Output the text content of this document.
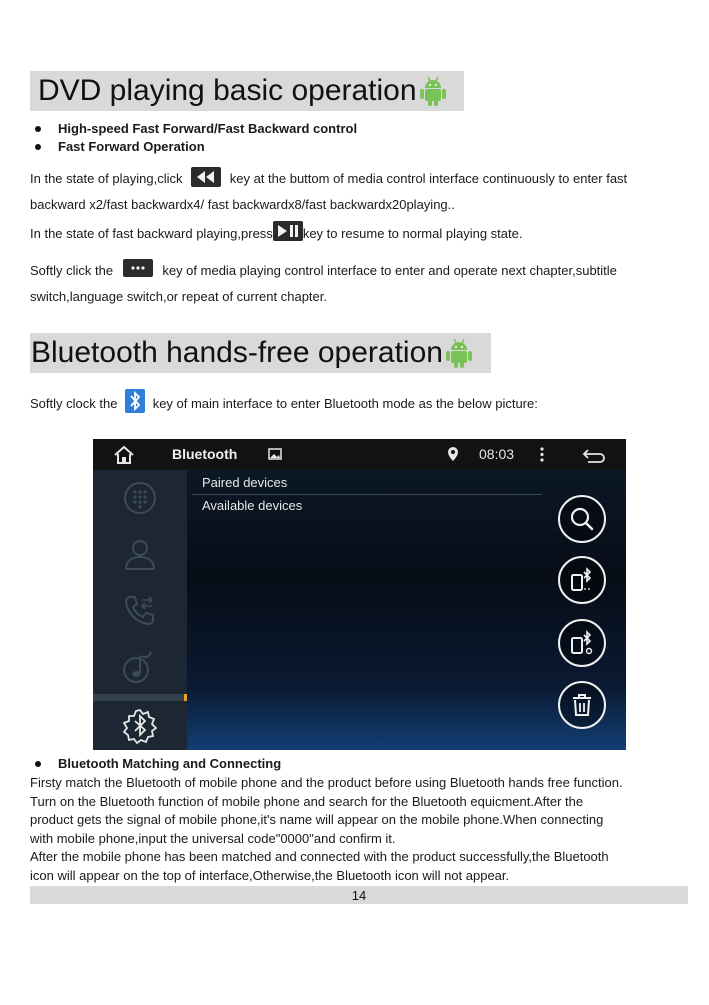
DVD playing basic operation
High-speed Fast Forward/Fast Backward control
Fast Forward Operation
In the state of playing,click	key at the buttom of media control interface continuously to enter fast
backward x2/fast backwardx4/ fast backwardx8/fast backwardx20playing..
In the state of fast backward playing,press key to resume to normal playing state.
Softly click the	key of media playing control interface to enter and operate next chapter,subtitle
switch,language switch,or repeat of current chapter.
Bluetooth hands-free operation
Softly clock the	key of main interface to enter Bluetooth mode as the below picture:
Bluetooth	08:03
Paired devices
Available devices
Bluetooth Matching and Connecting
Firsty match the Bluetooth of mobile phone and the product before using Bluetooth hands free function.
Turn on the Bluetooth function of mobile phone and search for the Bluetooth equicment.After the
product gets the signal of mobile phone,it's name will appear on the mobile phone.When connecting
with mobile phone,input the universal code"0000"and confirm it.
After the mobile phone has been matched and connected with the product successfully,the Bluetooth
icon will appear on the top of interface,Otherwise,the Bluetooth icon will not appear.
14
